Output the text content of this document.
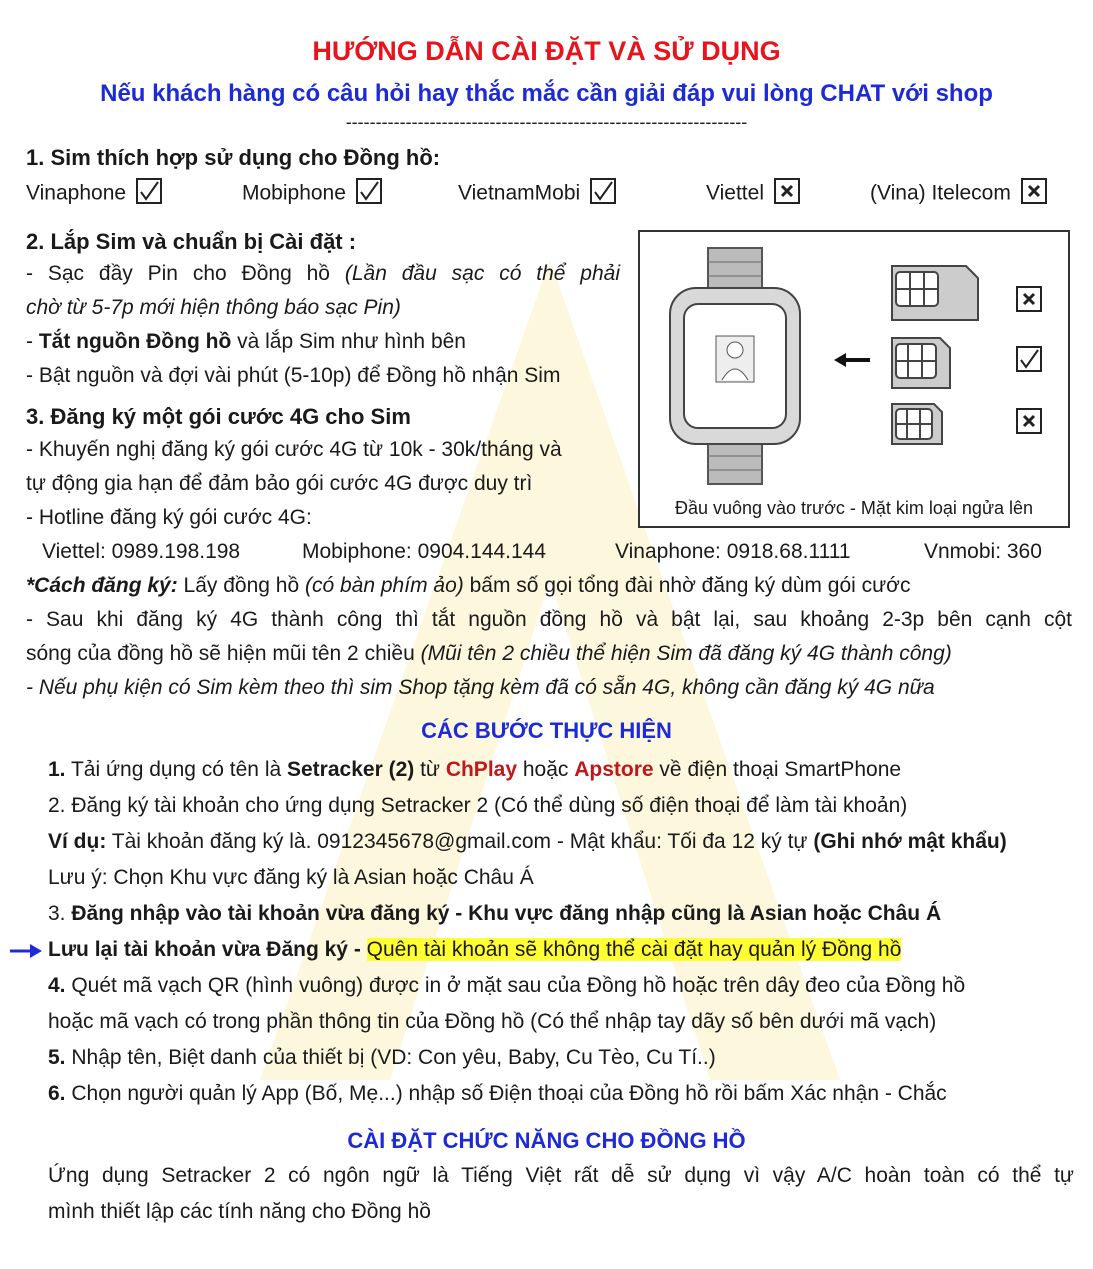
HƯỚNG DẪN CÀI ĐẶT VÀ SỬ DỤNG
Nếu khách hàng có câu hỏi hay thắc mắc cần giải đáp vui lòng CHAT với shop
-------------------------------------------------------------------
1. Sim thích hợp sử dụng cho Đồng hồ:
Vinaphone	Mobiphone	VietnamMobi	Viettel	(Vina) Itelecom
2. Lắp Sim và chuẩn bị Cài đặt :
- Sạc đầy Pin cho Đồng hồ (Lần đầu sạc có thể phải
chờ từ 5-7p mới hiện thông báo sạc Pin)
- Tắt nguồn Đồng hồ và lắp Sim như hình bên
- Bật nguồn và đợi vài phút (5-10p) để Đồng hồ nhận Sim
Đầu vuông vào trước - Mặt kim loại ngửa lên
3. Đăng ký một gói cước 4G cho Sim
- Khuyến nghị đăng ký gói cước 4G từ 10k - 30k/tháng và
tự động gia hạn để đảm bảo gói cước 4G được duy trì
- Hotline đăng ký gói cước 4G:
Viettel: 0989.198.198	Mobiphone: 0904.144.144	Vinaphone: 0918.68.1111	Vnmobi: 360
*Cách đăng ký: Lấy đồng hồ (có bàn phím ảo) bấm số gọi tổng đài nhờ đăng ký dùm gói cước
- Sau khi đăng ký 4G thành công thì tắt nguồn đồng hồ và bật lại, sau khoảng 2-3p bên cạnh cột
sóng của đồng hồ sẽ hiện mũi tên 2 chiều (Mũi tên 2 chiều thể hiện Sim đã đăng ký 4G thành công)
- Nếu phụ kiện có Sim kèm theo thì sim Shop tặng kèm đã có sẵn 4G, không cần đăng ký 4G nữa
CÁC BƯỚC THỰC HIỆN
1. Tải ứng dụng có tên là Setracker (2) từ ChPlay hoặc Apstore về điện thoại SmartPhone
2. Đăng ký tài khoản cho ứng dụng Setracker 2 (Có thể dùng số điện thoại để làm tài khoản)
Ví dụ: Tài khoản đăng ký là. 0912345678@gmail.com - Mật khẩu: Tối đa 12 ký tự (Ghi nhớ mật khẩu)
Lưu ý: Chọn Khu vực đăng ký là Asian hoặc Châu Á
3. Đăng nhập vào tài khoản vừa đăng ký - Khu vực đăng nhập cũng là Asian hoặc Châu Á
Lưu lại tài khoản vừa Đăng ký - Quên tài khoản sẽ không thể cài đặt hay quản lý Đồng hồ
4. Quét mã vạch QR (hình vuông) được in ở mặt sau của Đồng hồ hoặc trên dây đeo của Đồng hồ
hoặc mã vạch có trong phần thông tin của Đồng hồ (Có thể nhập tay dãy số bên dưới mã vạch)
5. Nhập tên, Biệt danh của thiết bị (VD: Con yêu, Baby, Cu Tèo, Cu Tí..)
6. Chọn người quản lý App (Bố, Mẹ...) nhập số Điện thoại của Đồng hồ rồi bấm Xác nhận - Chắc
CÀI ĐẶT CHỨC NĂNG CHO ĐỒNG HỒ
Ứng dụng Setracker 2 có ngôn ngữ là Tiếng Việt rất dễ sử dụng vì vậy A/C hoàn toàn có thể tự
mình thiết lập các tính năng cho Đồng hồ
